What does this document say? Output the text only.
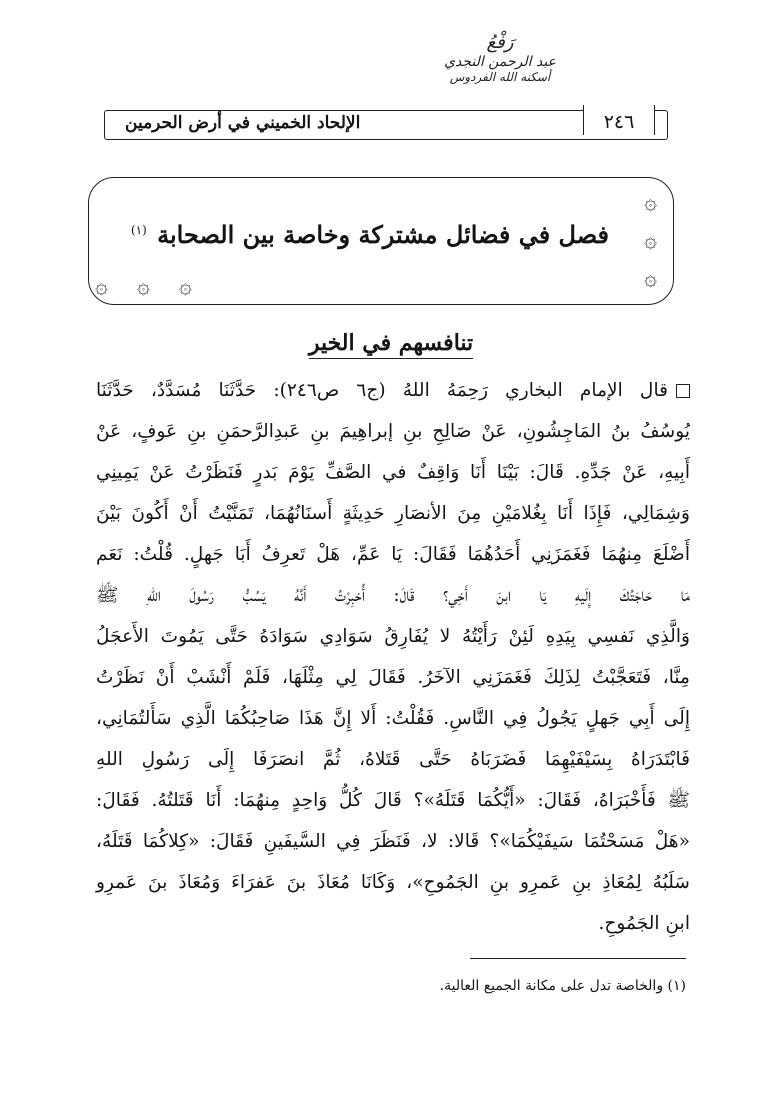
رَفْعُ
عبد الرحمن النجدي
أسكنه الله الفردوس
٢٤٦
الإلحاد الخميني في أرض الحرمين
فصل في فضائل مشتركة وخاصة بين الصحابة $^{(١)}$
۞
۞
۞
۞ ۞ ۞
تنافسهم في الخير
قال الإمام البخاري رَحِمَهُ اللهُ (ج٦ ص٢٤٦): حَدَّثَنَا مُسَدَّدٌ، حَدَّثَنَا
يُوسُفُ بنُ المَاجِشُونِ، عَنْ صَالِحِ بنِ إبراهِيمَ بنِ عَبدِالرَّحمَنِ بنِ عَوفٍ، عَنْ
أَبِيهِ، عَنْ جَدِّهِ. قَالَ: بَيْنَا أَنَا وَاقِفٌ في الصَّفِّ يَوْمَ بَدرٍ فَنَظَرْتُ عَنْ يَمِينِي
وَشِمَالِي، فَإِذَا أَنَا بِغُلامَيْنِ مِنَ الأنصَارِ حَدِيثَةٍ أَسنَانُهُمَا، تَمَنَّيْتُ أَنْ أَكُونَ بَيْنَ
أَضْلَعَ مِنهُمَا فَغَمَزَنِي أَحَدُهُمَا فَقَالَ: يَا عَمِّ، هَلْ تَعرِفُ أَبَا جَهلٍ. قُلْتُ: نَعَم
مَا حَاجَتُكَ إِلَيهِ يَا ابنَ أَخِي؟ قَالَ: أُخبِرْتُ أَنَّهُ يَسُبُّ رَسُولَ اللهِ ﷺ
وَالَّذِي نَفسِي بِيَدِهِ لَئِنْ رَأَيْتُهُ لا يُفَارِقُ سَوَادِي سَوَادَهُ حَتَّى يَمُوتَ الأَعجَلُ
مِنَّا، فَتَعَجَّبْتُ لِذَلِكَ فَغَمَزَنِي الآخَرُ. فَقَالَ لِي مِثْلَهَا، فَلَمْ أَنْشَبْ أَنْ نَظَرْتُ
إِلَى أَبِي جَهلٍ يَجُولُ فِي النَّاسِ. فَقُلْتُ: أَلا إِنَّ هَذَا صَاحِبُكُمَا الَّذِي سَأَلتُمَانِي،
فَابْتَدَرَاهُ بِسَيْفَيْهِمَا فَضَرَبَاهُ حَتَّى قَتَلاهُ، ثُمَّ انصَرَفَا إِلَى رَسُولِ اللهِ
ﷺ فَأَخْبَرَاهُ، فَقَالَ: «أَيُّكُمَا قَتَلَهُ»؟ قَالَ كُلُّ وَاحِدٍ مِنهُمَا: أَنَا قَتَلتُهُ. فَقَالَ:
«هَلْ مَسَحْتُمَا سَيفَيْكُمَا»؟ قَالا: لا، فَنَظَرَ فِي السَّيفَينِ فَقَالَ: «كِلاكُمَا قَتَلَهُ،
سَلَبُهُ لِمُعَاذِ بنِ عَمرِو بنِ الجَمُوحِ»، وَكَانَا مُعَاذَ بنَ عَفرَاءَ وَمُعَاذَ بنَ عَمرِو
ابنِ الجَمُوحِ.
(١) والخاصة تدل على مكانة الجميع العالية.
